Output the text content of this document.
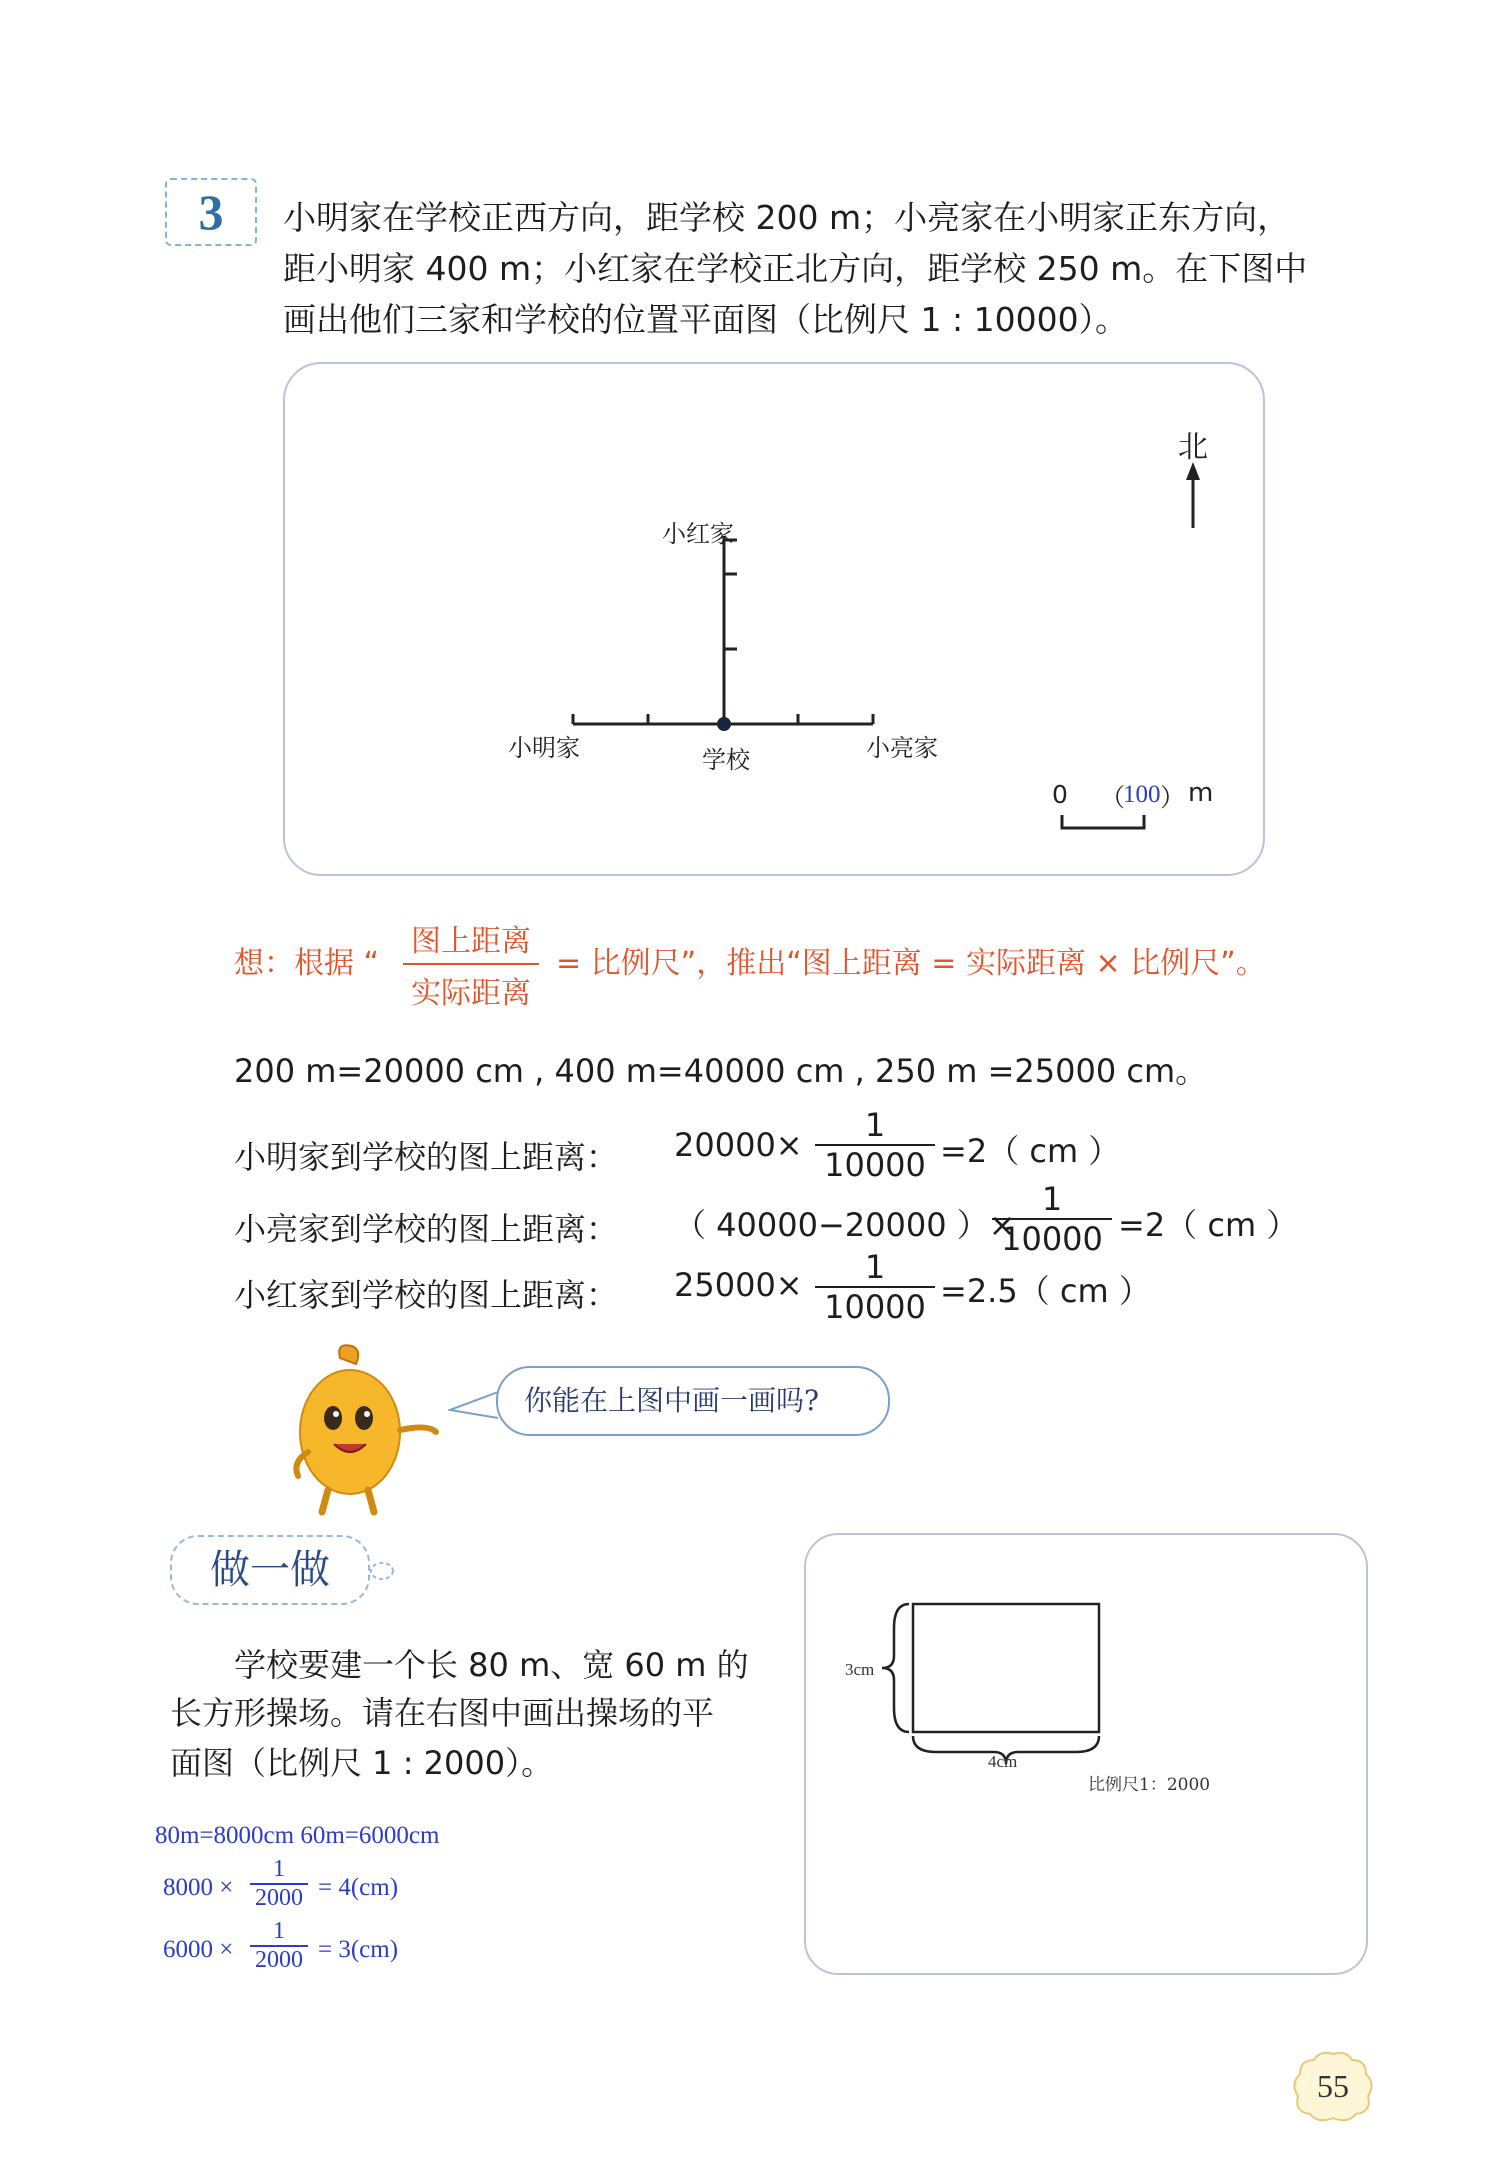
3	小明家在学校正西方向，距学校 200 m；小亮家在小明家正东方向，
距小明家 400 m；小红家在学校正北方向，距学校 250 m。在下图中
画出他们三家和学校的位置平面图（比例尺 1 : 10000）。
北
小红家
小明家	学校	小亮家
0 （
100 ） m
想：根据 “
图上距离
实际距离
= 比例尺”，推出“图上距离 = 实际距离 × 比例尺”。
200 m=20000 cm , 400 m=40000 cm , 250 m =25000 cm。
小明家到学校的图上距离： 20000×
1
10000 =2（ cm ）
小亮家到学校的图上距离： （ 40000−20000 ）×
1
10000 =2（ cm ）
小红家到学校的图上距离： 25000×	1
10000 =2.5（ cm ）
你能在上图中画一画吗?
做一做
学校要建一个长 80 m、宽 60 m 的
长方形操场。请在右图中画出操场的平
面图（比例尺 1 : 2000）。
3cm
4cm
比例尺1：2000
80m=8000cm 60m=6000cm
8000 ×
1
2000 = 4(cm)
6000 ×
1
2000 = 3(cm)
55
